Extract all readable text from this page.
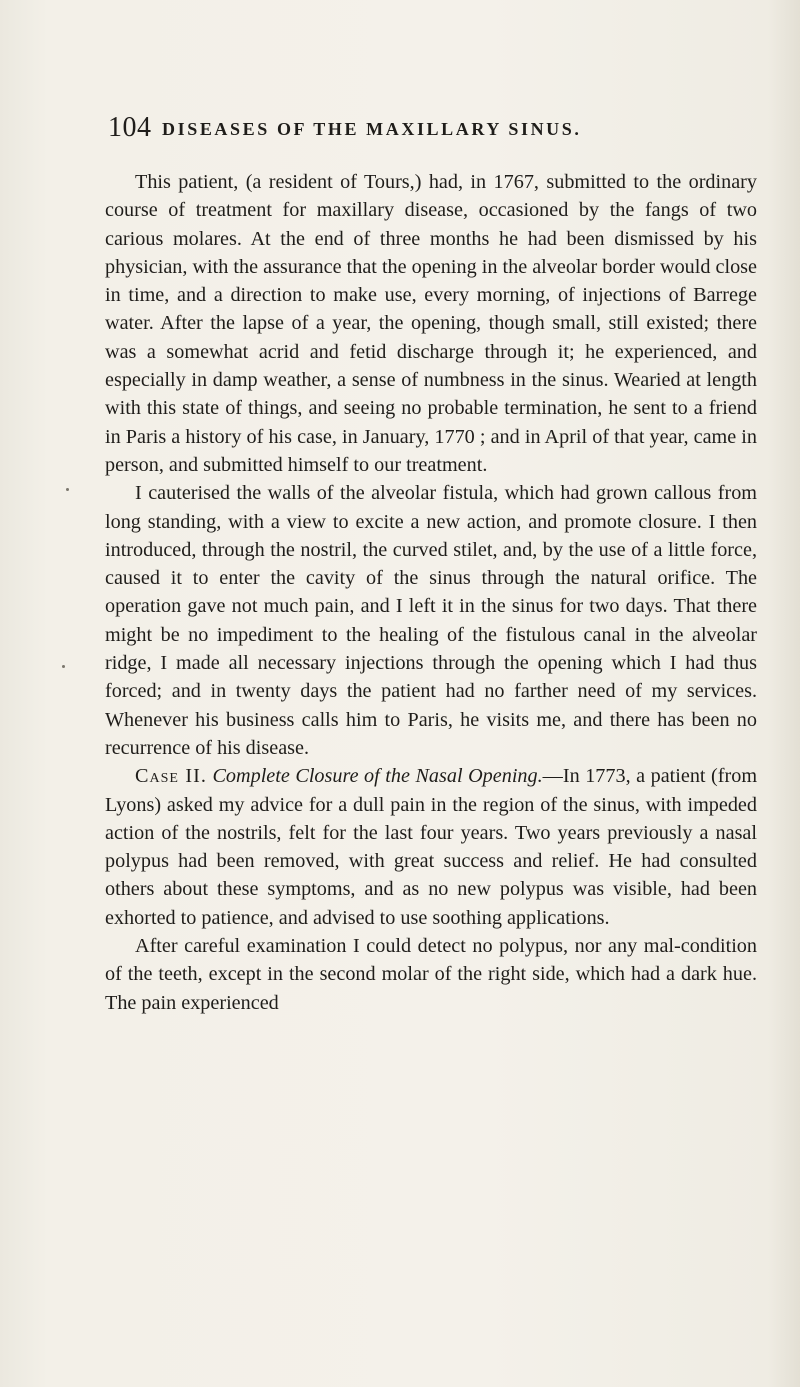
104 DISEASES OF THE MAXILLARY SINUS.

This patient, (a resident of Tours,) had, in 1767, submitted to the ordinary course of treatment for maxillary disease, occasioned by the fangs of two carious molares. At the end of three months he had been dismissed by his physician, with the assurance that the opening in the alveolar border would close in time, and a direction to make use, every morning, of injections of Barrege water. After the lapse of a year, the opening, though small, still existed; there was a somewhat acrid and fetid discharge through it; he experienced, and especially in damp weather, a sense of numbness in the sinus. Wearied at length with this state of things, and seeing no probable termination, he sent to a friend in Paris a history of his case, in January, 1770 ; and in April of that year, came in person, and submitted himself to our treatment.

I cauterised the walls of the alveolar fistula, which had grown callous from long standing, with a view to excite a new action, and promote closure. I then introduced, through the nostril, the curved stilet, and, by the use of a little force, caused it to enter the cavity of the sinus through the natural orifice. The operation gave not much pain, and I left it in the sinus for two days. That there might be no impediment to the healing of the fistulous canal in the alveolar ridge, I made all necessary injections through the opening which I had thus forced; and in twenty days the patient had no farther need of my services. Whenever his business calls him to Paris, he visits me, and there has been no recurrence of his disease.

Case II. Complete Closure of the Nasal Opening.—In 1773, a patient (from Lyons) asked my advice for a dull pain in the region of the sinus, with impeded action of the nostrils, felt for the last four years. Two years previously a nasal polypus had been removed, with great success and relief. He had consulted others about these symptoms, and as no new polypus was visible, had been exhorted to patience, and advised to use soothing applications.

After careful examination I could detect no polypus, nor any mal-condition of the teeth, except in the second molar of the right side, which had a dark hue. The pain experienced
